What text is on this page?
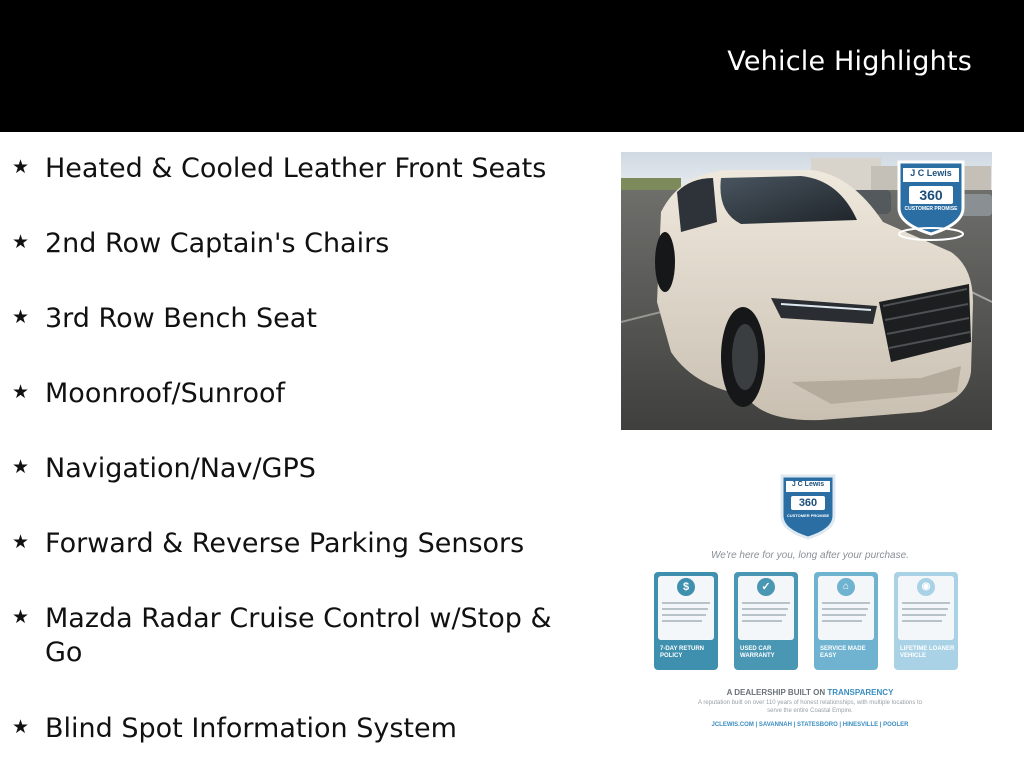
Vehicle Highlights
★ Heated & Cooled Leather Front Seats
★ 2nd Row Captain's Chairs
★ 3rd Row Bench Seat
★ Moonroof/Sunroof
★ Navigation/Nav/GPS
★ Forward & Reverse Parking Sensors
★ Mazda Radar Cruise Control w/Stop & Go
★ Blind Spot Information System
J C Lewis
360
CUSTOMER PROMISE
J C Lewis
360
CUSTOMER PROMISE
We're here for you, long after your purchase.
$
7-DAY RETURN
POLICY
✓
USED CAR
WARRANTY
⌂
SERVICE MADE
EASY
◉
LIFETIME LOANER
VEHICLE
A DEALERSHIP BUILT ON TRANSPARENCY
A reputation built on over 110 years of honest relationships, with multiple locations to
serve the entire Coastal Empire.
JCLEWIS.COM | SAVANNAH | STATESBORO | HINESVILLE | POOLER
